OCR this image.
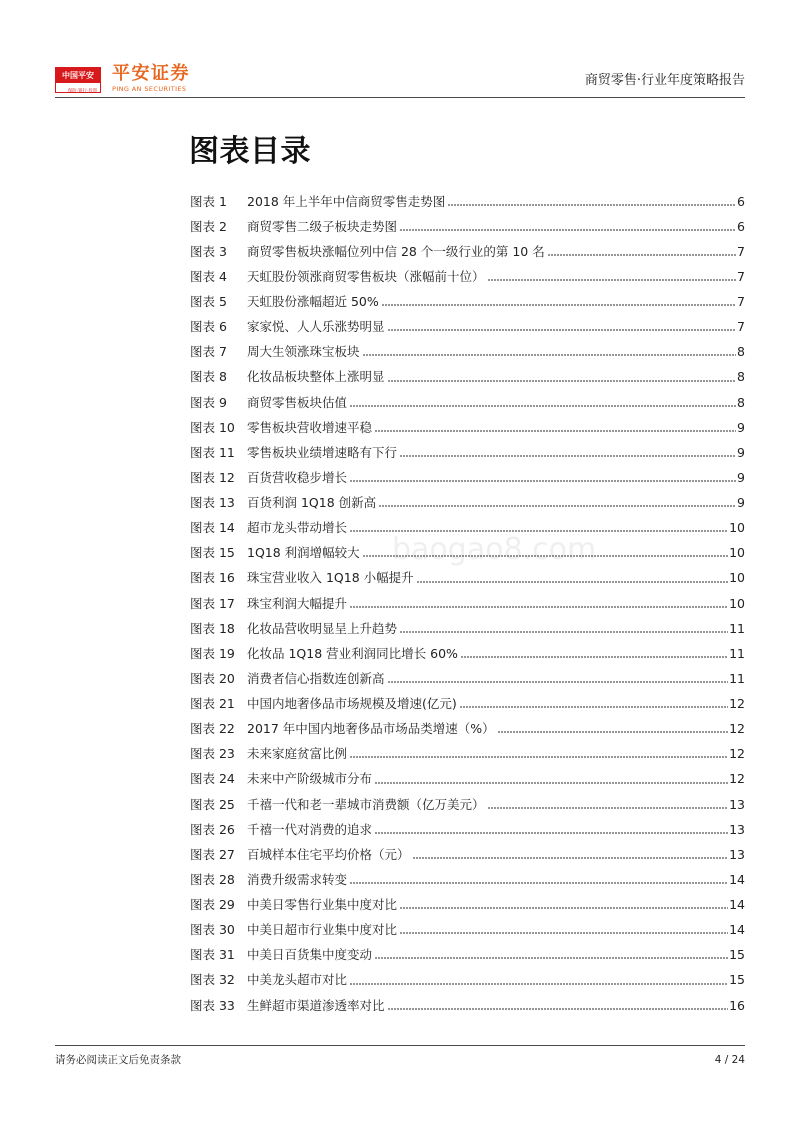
中国平安
保险·银行·投资
平安证券
PING AN SECURITIES
商贸零售·行业年度策略报告
图表目录
baogao8.com
图表 1	2018 年上半年中信商贸零售走势图	6
图表 2	商贸零售二级子板块走势图	6
图表 3	商贸零售板块涨幅位列中信 28 个一级行业的第 10 名	7
图表 4	天虹股份领涨商贸零售板块（涨幅前十位）	7
图表 5	天虹股份涨幅超近 50%	7
图表 6	家家悦、人人乐涨势明显	7
图表 7	周大生领涨珠宝板块	8
图表 8	化妆品板块整体上涨明显	8
图表 9	商贸零售板块估值	8
图表 10 零售板块营收增速平稳	9
图表 11 零售板块业绩增速略有下行	9
图表 12 百货营收稳步增长	9
图表 13 百货利润 1Q18 创新高	9
图表 14 超市龙头带动增长	10
图表 15 1Q18 利润增幅较大	10
图表 16 珠宝营业收入 1Q18 小幅提升	10
图表 17 珠宝利润大幅提升	10
图表 18 化妆品营收明显呈上升趋势	11
图表 19 化妆品 1Q18 营业利润同比增长 60%	11
图表 20 消费者信心指数连创新高	11
图表 21 中国内地奢侈品市场规模及增速(亿元)	12
图表 22 2017 年中国内地奢侈品市场品类增速（%）	12
图表 23 未来家庭贫富比例	12
图表 24 未来中产阶级城市分布	12
图表 25 千禧一代和老一辈城市消费额（亿万美元）	13
图表 26 千禧一代对消费的追求	13
图表 27 百城样本住宅平均价格（元）	13
图表 28 消费升级需求转变	14
图表 29 中美日零售行业集中度对比	14
图表 30 中美日超市行业集中度对比	14
图表 31 中美日百货集中度变动	15
图表 32 中美龙头超市对比	15
图表 33 生鲜超市渠道渗透率对比	16
请务必阅读正文后免责条款	4 / 24
